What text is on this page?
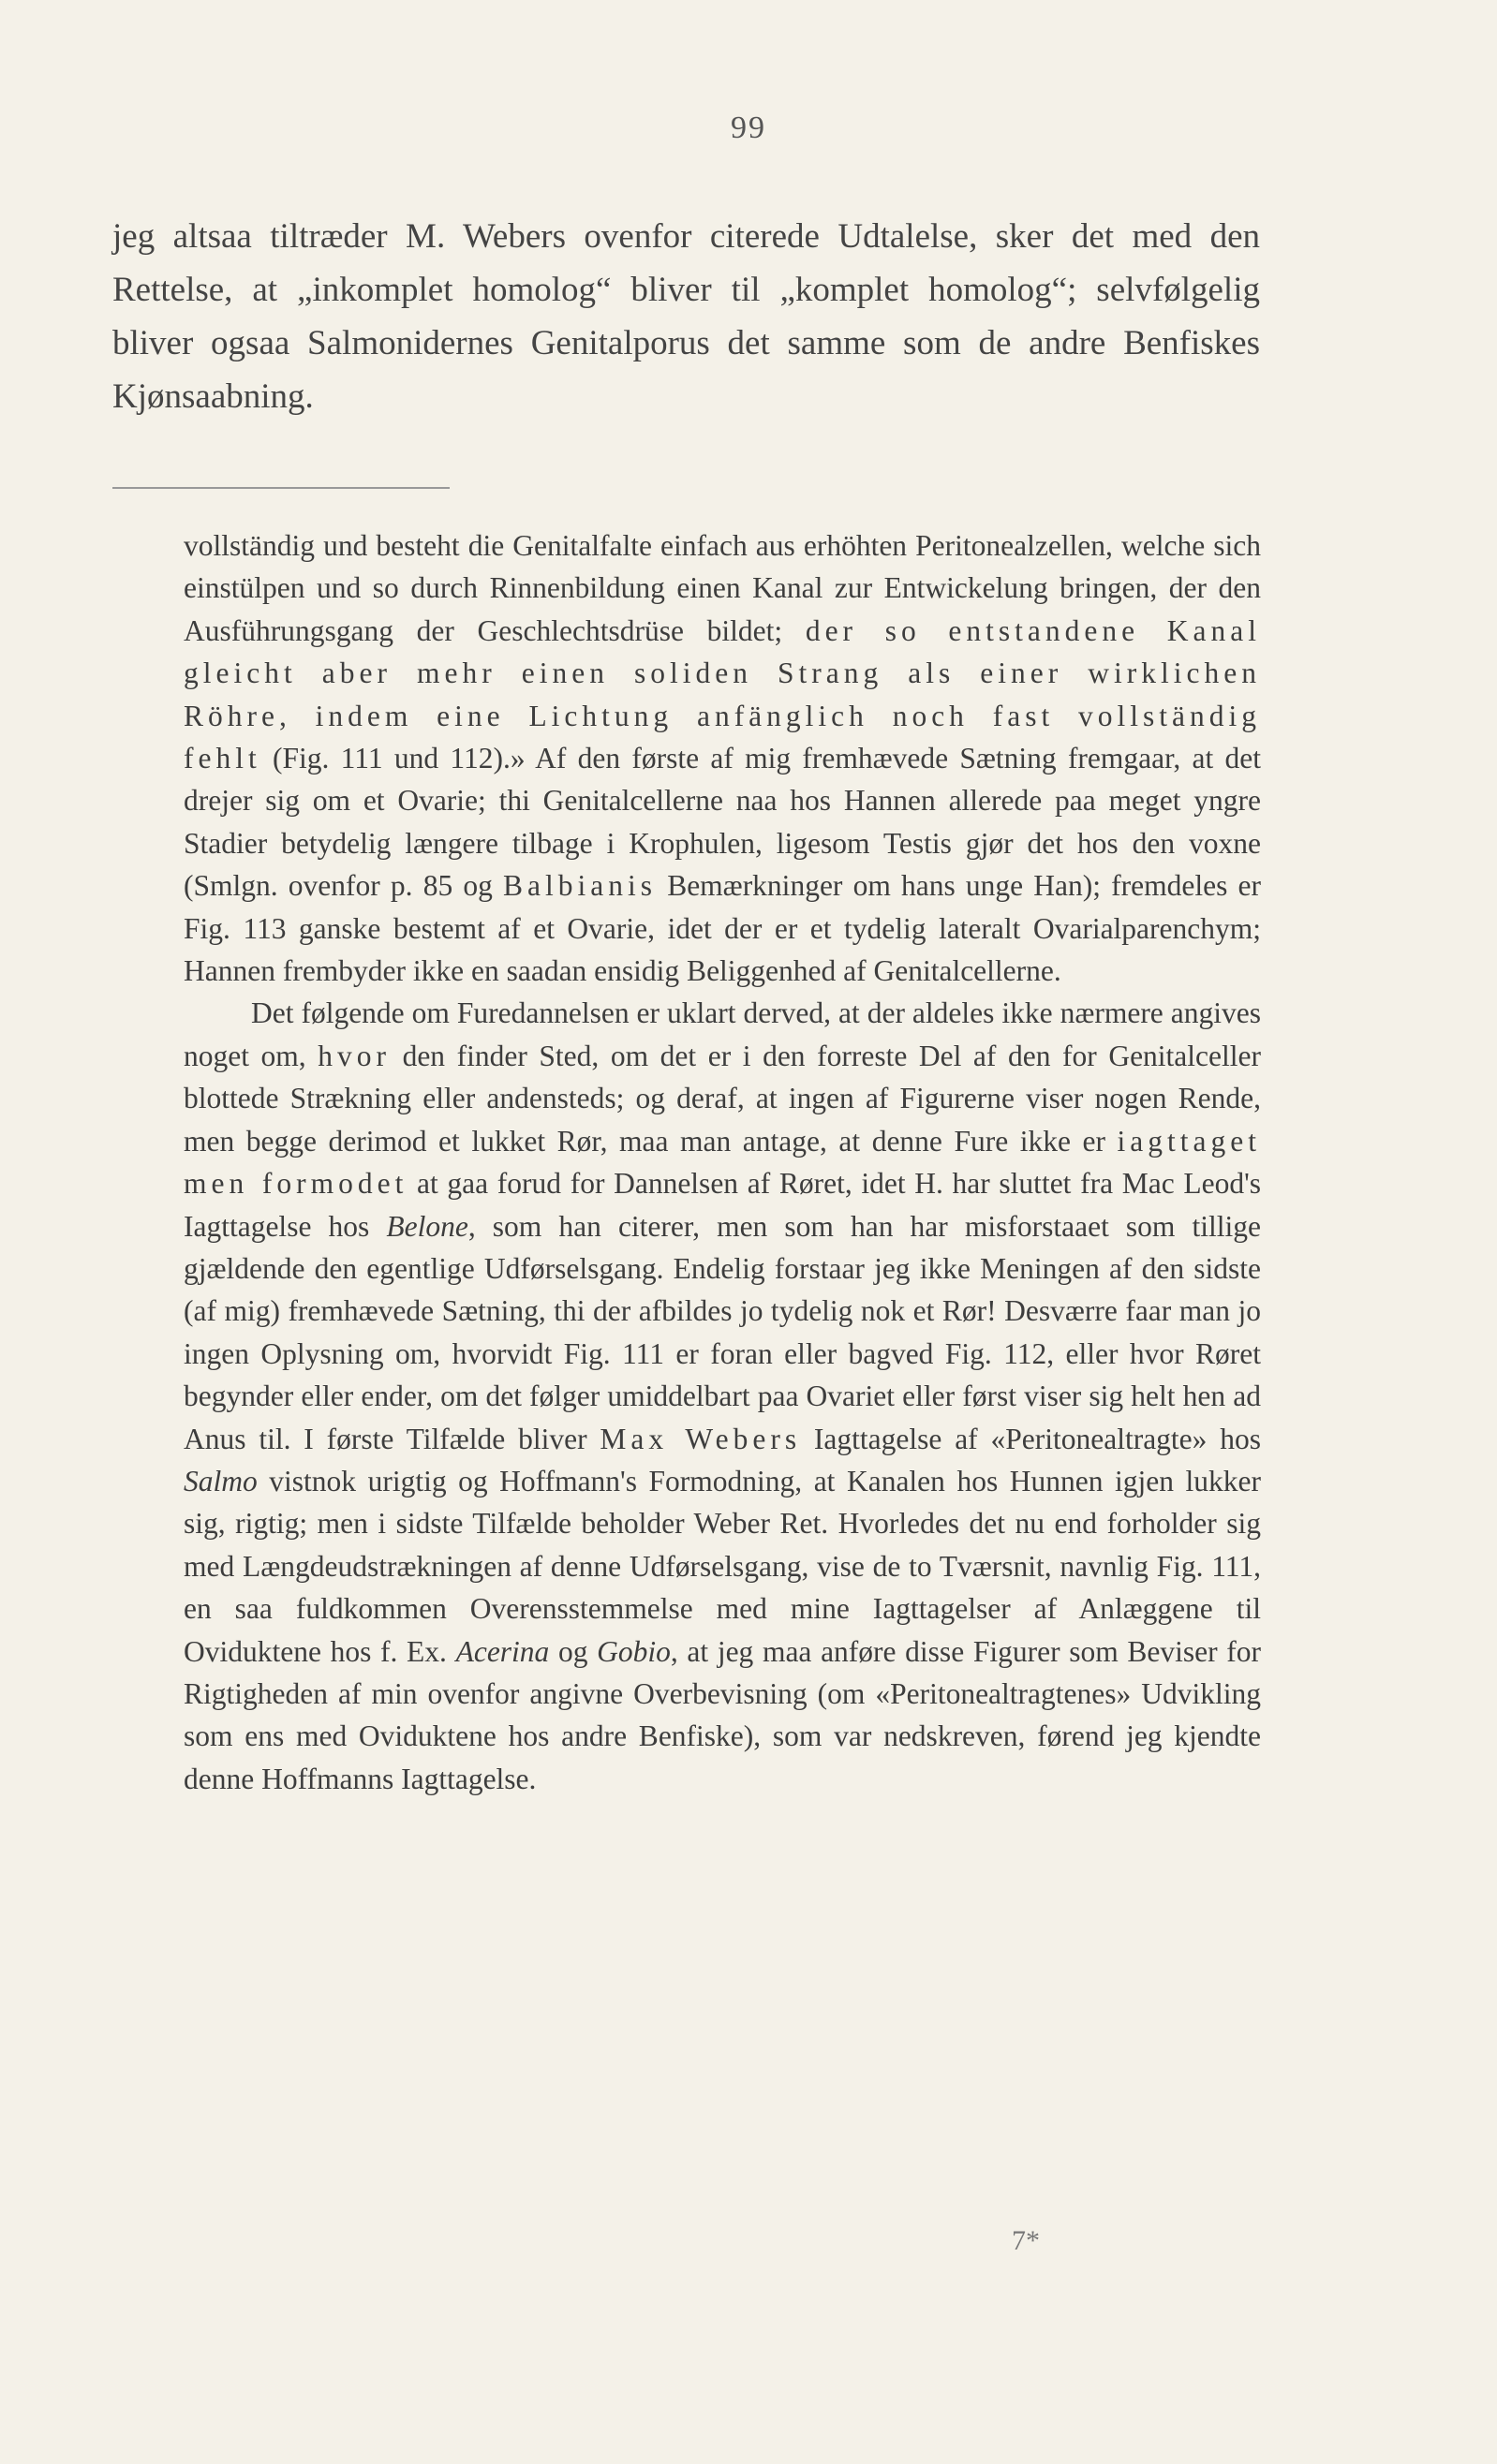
99

jeg altsaa tiltræder M. Webers ovenfor citerede Udtalelse, sker det med den Rettelse, at „inkomplet homolog“ bliver til „komplet homolog“; selvfølgelig bliver ogsaa Salmonidernes Genitalporus det samme som de andre Benfiskes Kjønsaabning.

vollständig und besteht die Genitalfalte einfach aus erhöhten Peritonealzellen, welche sich einstülpen und so durch Rinnenbildung einen Kanal zur Entwickelung bringen, der den Ausführungsgang der Geschlechtsdrüse bildet; der so entstandene Kanal gleicht aber mehr einen soliden Strang als einer wirklichen Röhre, indem eine Lichtung anfänglich noch fast vollständig fehlt (Fig. 111 und 112).» Af den første af mig fremhævede Sætning fremgaar, at det drejer sig om et Ovarie; thi Genitalcellerne naa hos Hannen allerede paa meget yngre Stadier betydelig længere tilbage i Krophulen, ligesom Testis gjør det hos den voxne (Smlgn. ovenfor p. 85 og Balbianis Bemærkninger om hans unge Han); fremdeles er Fig. 113 ganske bestemt af et Ovarie, idet der er et tydelig lateralt Ovarialparenchym; Hannen frembyder ikke en saadan ensidig Beliggenhed af Genitalcellerne.

Det følgende om Furedannelsen er uklart derved, at der aldeles ikke nærmere angives noget om, hvor den finder Sted, om det er i den forreste Del af den for Genitalceller blottede Strækning eller andensteds; og deraf, at ingen af Figurerne viser nogen Rende, men begge derimod et lukket Rør, maa man antage, at denne Fure ikke er iagttaget men formodet at gaa forud for Dannelsen af Røret, idet H. har sluttet fra Mac Leod's Iagttagelse hos Belone, som han citerer, men som han har misforstaaet som tillige gjældende den egentlige Udførselsgang. Endelig forstaar jeg ikke Meningen af den sidste (af mig) fremhævede Sætning, thi der afbildes jo tydelig nok et Rør! Desværre faar man jo ingen Oplysning om, hvorvidt Fig. 111 er foran eller bagved Fig. 112, eller hvor Røret begynder eller ender, om det følger umiddelbart paa Ovariet eller først viser sig helt hen ad Anus til. I første Tilfælde bliver Max Webers Iagttagelse af «Peritonealtragte» hos Salmo vistnok urigtig og Hoffmann's Formodning, at Kanalen hos Hunnen igjen lukker sig, rigtig; men i sidste Tilfælde beholder Weber Ret. Hvorledes det nu end forholder sig med Længdeudstrækningen af denne Udførselsgang, vise de to Tværsnit, navnlig Fig. 111, en saa fuldkommen Overensstemmelse med mine Iagttagelser af Anlæggene til Oviduktene hos f. Ex. Acerina og Gobio, at jeg maa anføre disse Figurer som Beviser for Rigtigheden af min ovenfor angivne Overbevisning (om «Peritonealtragtenes» Udvikling som ens med Oviduktene hos andre Benfiske), som var nedskreven, førend jeg kjendte denne Hoffmanns Iagttagelse.

7*
